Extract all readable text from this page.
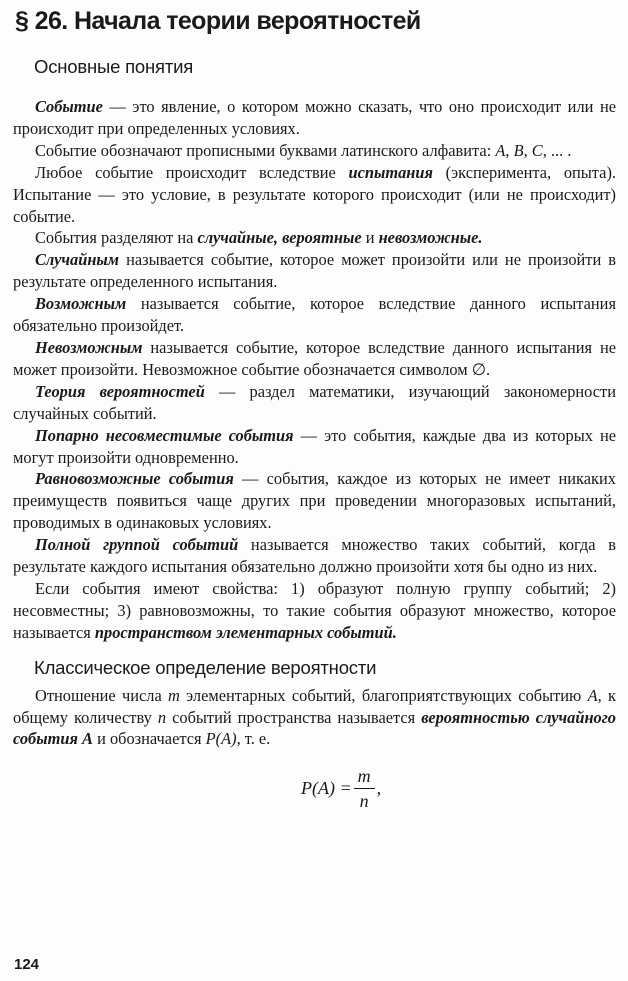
§ 26. Начала теории вероятностей
Основные понятия

Событие — это явление, о котором можно сказать, что оно происходит или не происходит при определенных условиях.

Событие обозначают прописными буквами латинского алфавита: A, B, C, ... .

Любое событие происходит вследствие испытания (эксперимента, опыта). Испытание — это условие, в результате которого происходит (или не происходит) событие.

События разделяют на случайные, вероятные и невозможные.

Случайным называется событие, которое может произойти или не произойти в результате определенного испытания.

Возможным называется событие, которое вследствие данного испытания обязательно произойдет.

Невозможным называется событие, которое вследствие данного испытания не может произойти. Невозможное событие обозначается символом ∅.

Теория вероятностей — раздел математики, изучающий закономерности случайных событий.

Попарно несовместимые события — это события, каждые два из которых не могут произойти одновременно.

Равновозможные события — события, каждое из которых не имеет никаких преимуществ появиться чаще других при проведении многоразовых испытаний, проводимых в одинаковых условиях.

Полной группой событий называется множество таких событий, когда в результате каждого испытания обязательно должно произойти хотя бы одно из них.

Если события имеют свойства: 1) образуют полную группу событий; 2) несовместны; 3) равновозможны, то такие события образуют множество, которое называется пространством элементарных событий.

Классическое определение вероятности

Отношение числа m элементарных событий, благоприятствующих событию A, к общему количеству n событий пространства называется вероятностью случайного события A и обозначается P(A), т. е.

$P(A) = \frac{m}{n}$ ,
124
